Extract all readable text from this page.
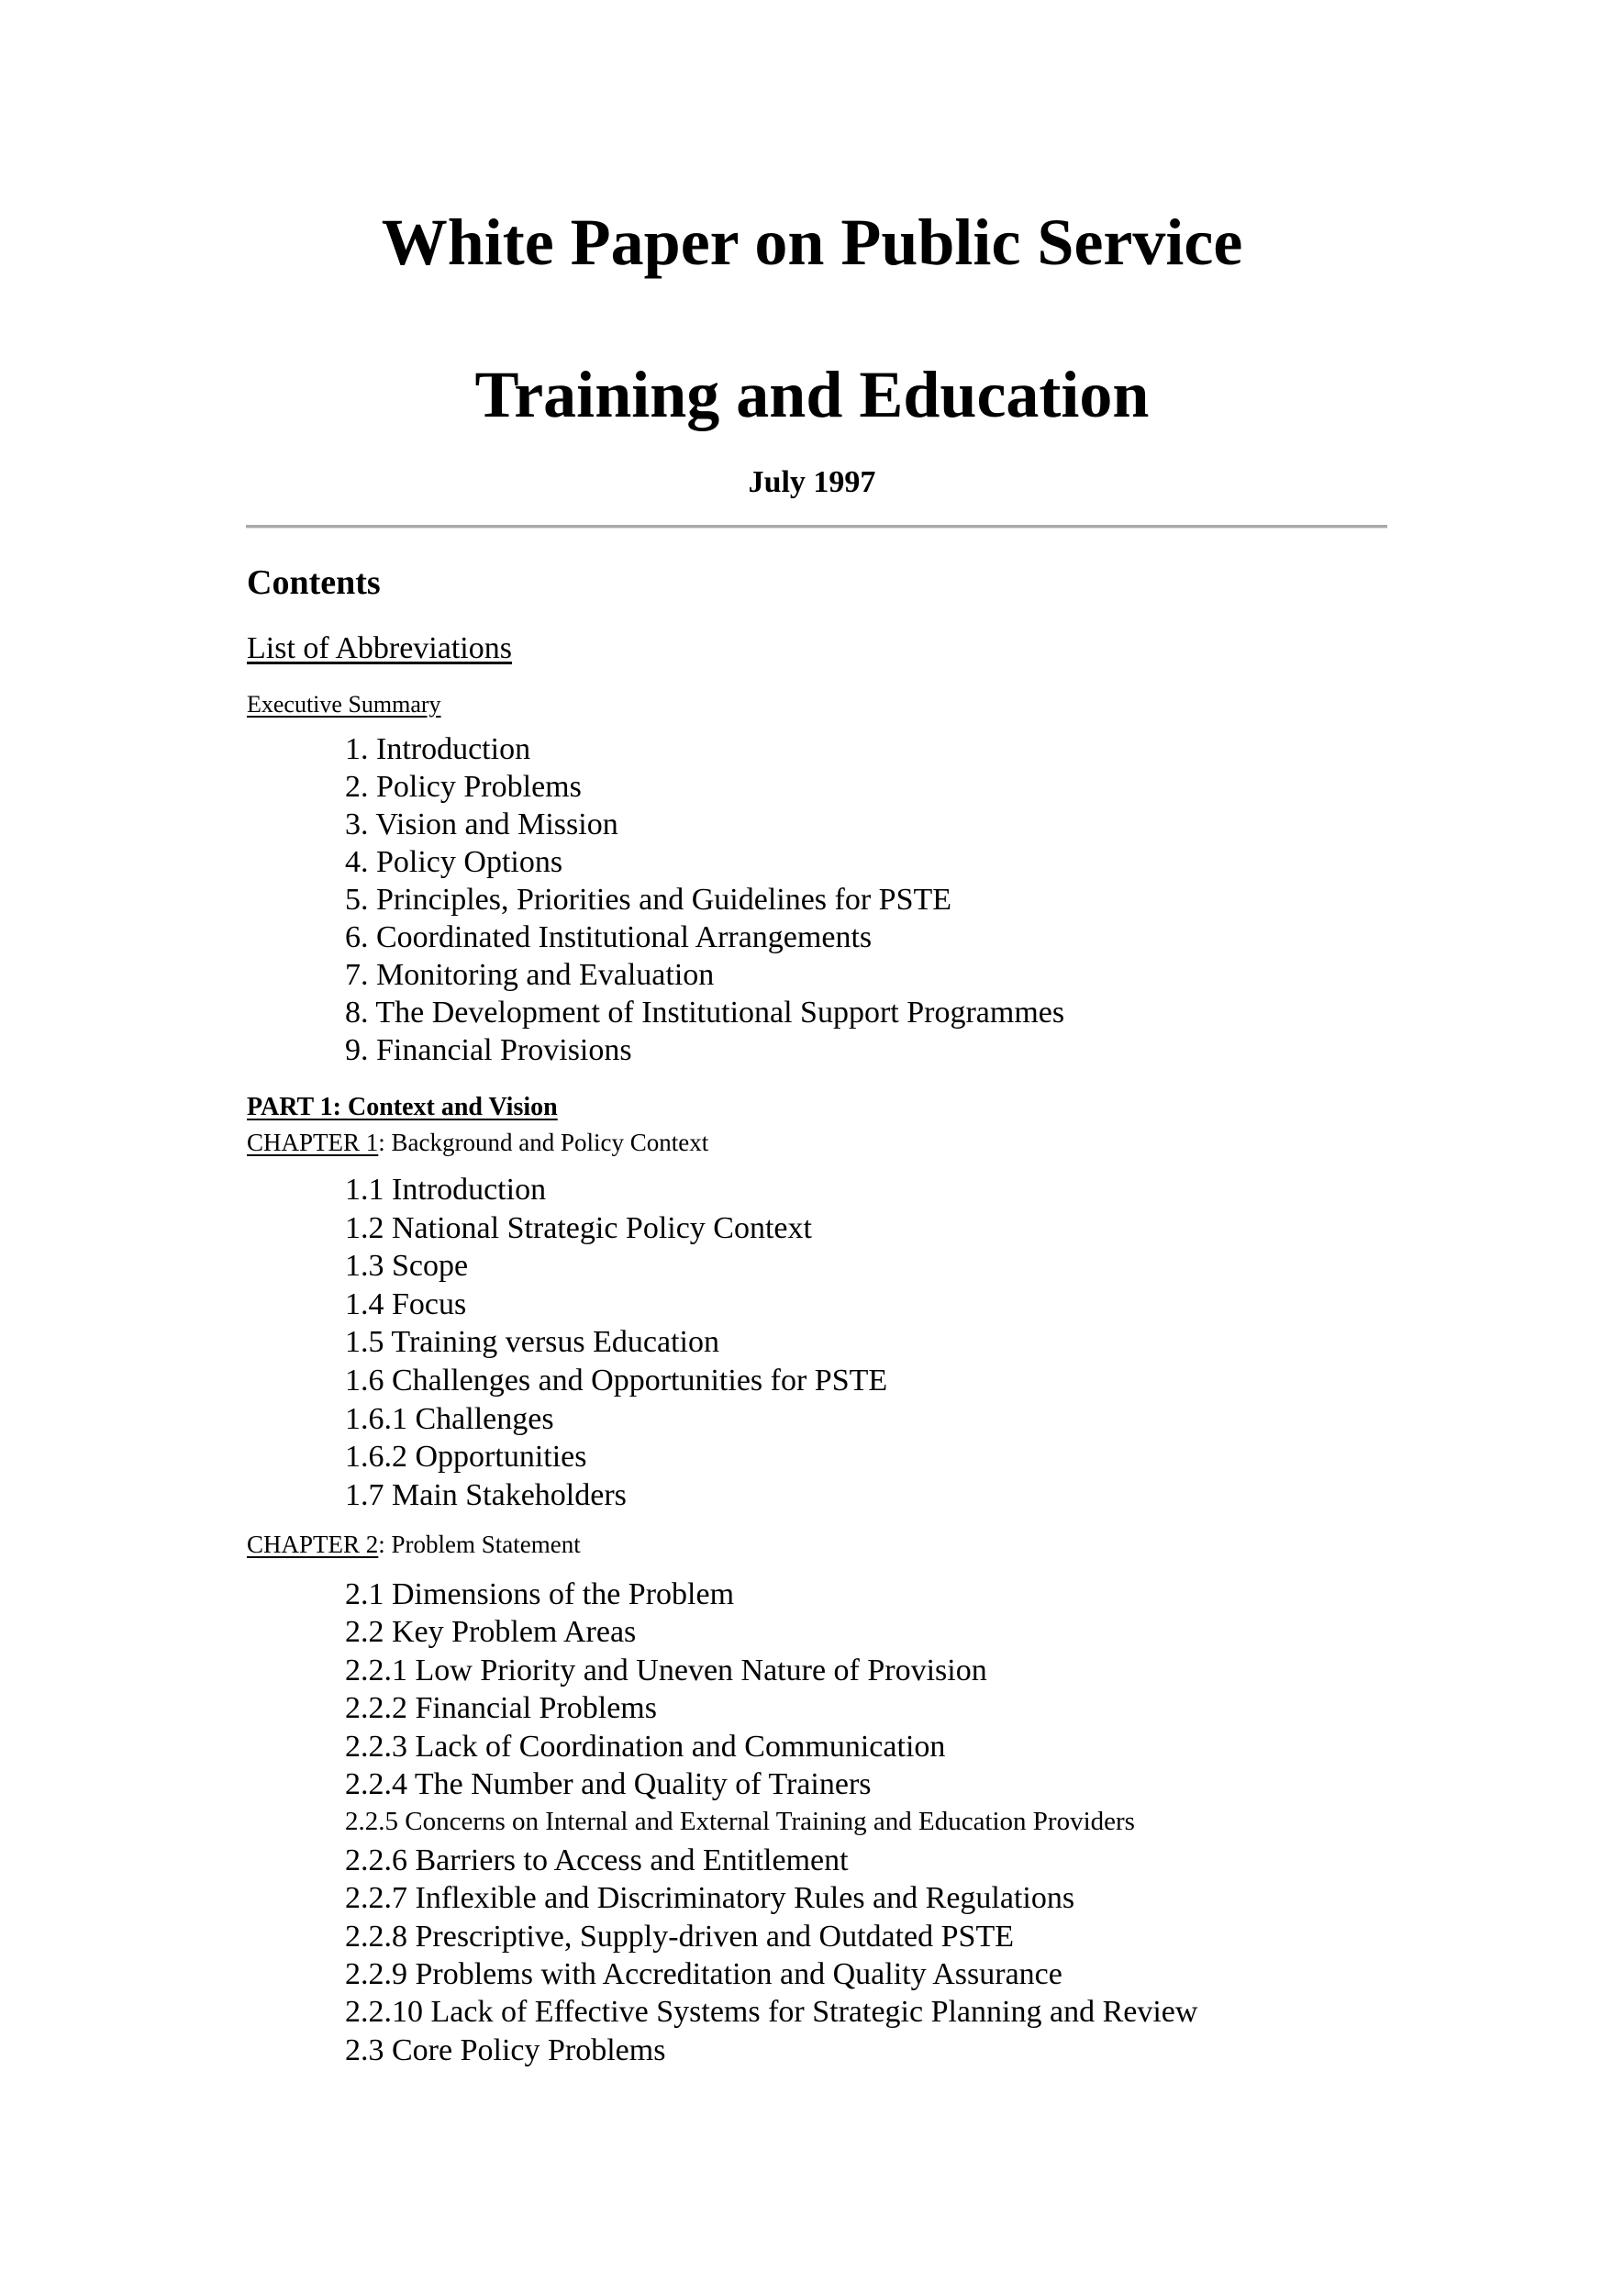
White Paper on Public Service
Training and Education
July 1997
Contents
List of Abbreviations
Executive Summary
1. Introduction
2. Policy Problems
3. Vision and Mission
4. Policy Options
5. Principles, Priorities and Guidelines for PSTE
6. Coordinated Institutional Arrangements
7. Monitoring and Evaluation
8. The Development of Institutional Support Programmes
9. Financial Provisions
PART 1: Context and Vision
CHAPTER 1: Background and Policy Context
1.1 Introduction
1.2 National Strategic Policy Context
1.3 Scope
1.4 Focus
1.5 Training versus Education
1.6 Challenges and Opportunities for PSTE
1.6.1 Challenges
1.6.2 Opportunities
1.7 Main Stakeholders
CHAPTER 2: Problem Statement
2.1 Dimensions of the Problem
2.2 Key Problem Areas
2.2.1 Low Priority and Uneven Nature of Provision
2.2.2 Financial Problems
2.2.3 Lack of Coordination and Communication
2.2.4 The Number and Quality of Trainers
2.2.5 Concerns on Internal and External Training and Education Providers
2.2.6 Barriers to Access and Entitlement
2.2.7 Inflexible and Discriminatory Rules and Regulations
2.2.8 Prescriptive, Supply-driven and Outdated PSTE
2.2.9 Problems with Accreditation and Quality Assurance
2.2.10 Lack of Effective Systems for Strategic Planning and Review
2.3 Core Policy Problems
